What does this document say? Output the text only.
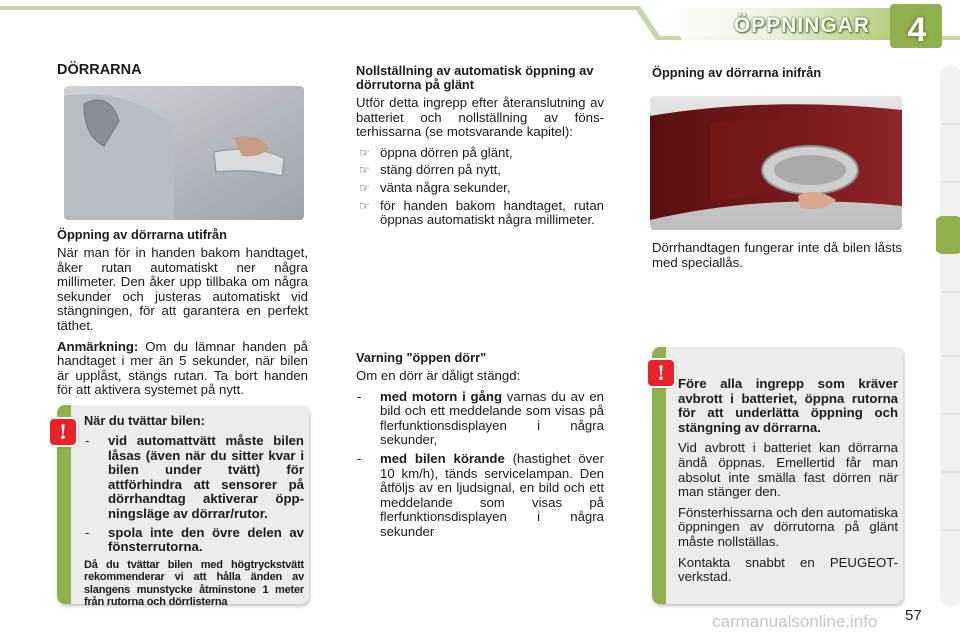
ÖPPNINGAR	4
DÖRRARNA
Öppning av dörrarna utifrån

När man för in handen bakom handtaget, åker rutan automatiskt ner några millimeter. Den åker upp tillbaka om några sekunder och justeras automatiskt vid stängningen, för att garantera en perfekt täthet.

Anmärkning: Om du lämnar handen på handtaget i mer än 5 sekunder, när bilen är upplåst, stängs rutan. Ta bort handen för att aktivera systemet på nytt.

När du tvättar bilen:
- vid automattvätt måste bilen låsas (även när du sitter kvar i bilen under tvätt) för attförhindra att sensorer på dörrhandtag aktiverar öppningsläge av dörrar/rutor.
- spola inte den övre delen av fönsterrutorna.
Då du tvättar bilen med högtryckstvätt rekommenderar vi att hålla änden av slangens munstycke åtminstone 1 meter från rutorna och dörrlisterna
!
Nollställning av automatisk öppning av dörrutorna på glänt

Utför detta ingrepp efter återanslutning av batteriet och nollställning av fönsterhissarna (se motsvarande kapitel):

☞ öppna dörren på glänt,
☞ stäng dörren på nytt,
☞ vänta några sekunder,
☞ för handen bakom handtaget, rutan öppnas automatiskt några millimeter.
Varning "öppen dörr"

Om en dörr är dåligt stängd:

- med motorn i gång varnas du av en bild och ett meddelande som visas på flerfunktionsdisplayen i några sekunder,
- med bilen körande (hastighet över 10 km/h), tänds servicelampan. Den åtföljs av en ljudsignal, en bild och ett meddelande som visas på flerfunktionsdisplayen i några sekunder
Öppning av dörrarna inifrån

Dörrhandtagen fungerar inte då bilen låsts med speciallås.

Före alla ingrepp som kräver avbrott i batteriet, öppna rutorna för att underlätta öppning och stängning av dörrarna.

Vid avbrott i batteriet kan dörrarna ändå öppnas. Emellertid får man absolut inte smälla fast dörren när man stänger den.

Fönsterhissarna och den automatiska öppningen av dörrutorna på glänt måste nollställas.

Kontakta snabbt en PEUGEOT-verkstad.

!
carmanualsonline.info 57
